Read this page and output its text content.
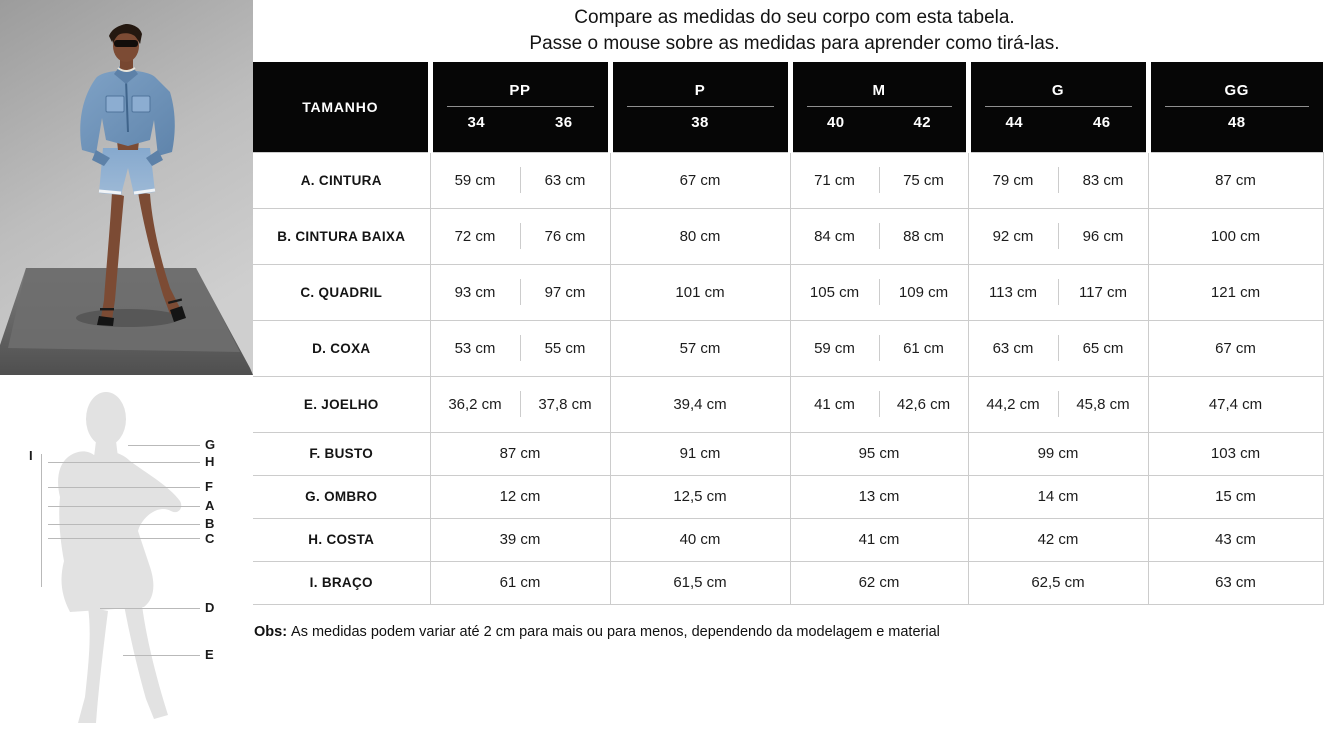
G
H
I
F
A
B
C
D
E
Compare as medidas do seu corpo com esta tabela.
Passe o mouse sobre as medidas para aprender como tirá-las.
TAMANHO	
PP
34	36

P
38

M
40	42

G
44	46

GG
48

A. CINTURA	59 cm 63 cm	67 cm	71 cm 75 cm	79 cm 83 cm	87 cm

B. CINTURA BAIXA	72 cm 76 cm	80 cm	84 cm 88 cm	92 cm 96 cm	100 cm

C. QUADRIL	93 cm 97 cm	101 cm	105 cm 109 cm	113 cm 117 cm	121 cm

D. COXA	53 cm 55 cm	57 cm	59 cm 61 cm	63 cm 65 cm	67 cm

E. JOELHO	36,2 cm 37,8 cm	39,4 cm	41 cm 42,6 cm	44,2 cm 45,8 cm	47,4 cm

F. BUSTO	87 cm	91 cm	95 cm	99 cm	103 cm

G. OMBRO	12 cm	12,5 cm	13 cm	14 cm	15 cm

H. COSTA	39 cm	40 cm	41 cm	42 cm	43 cm

I. BRAÇO	61 cm	61,5 cm	62 cm	62,5 cm	63 cm
Obs: As medidas podem variar até 2 cm para mais ou para menos, dependendo da modelagem e material
